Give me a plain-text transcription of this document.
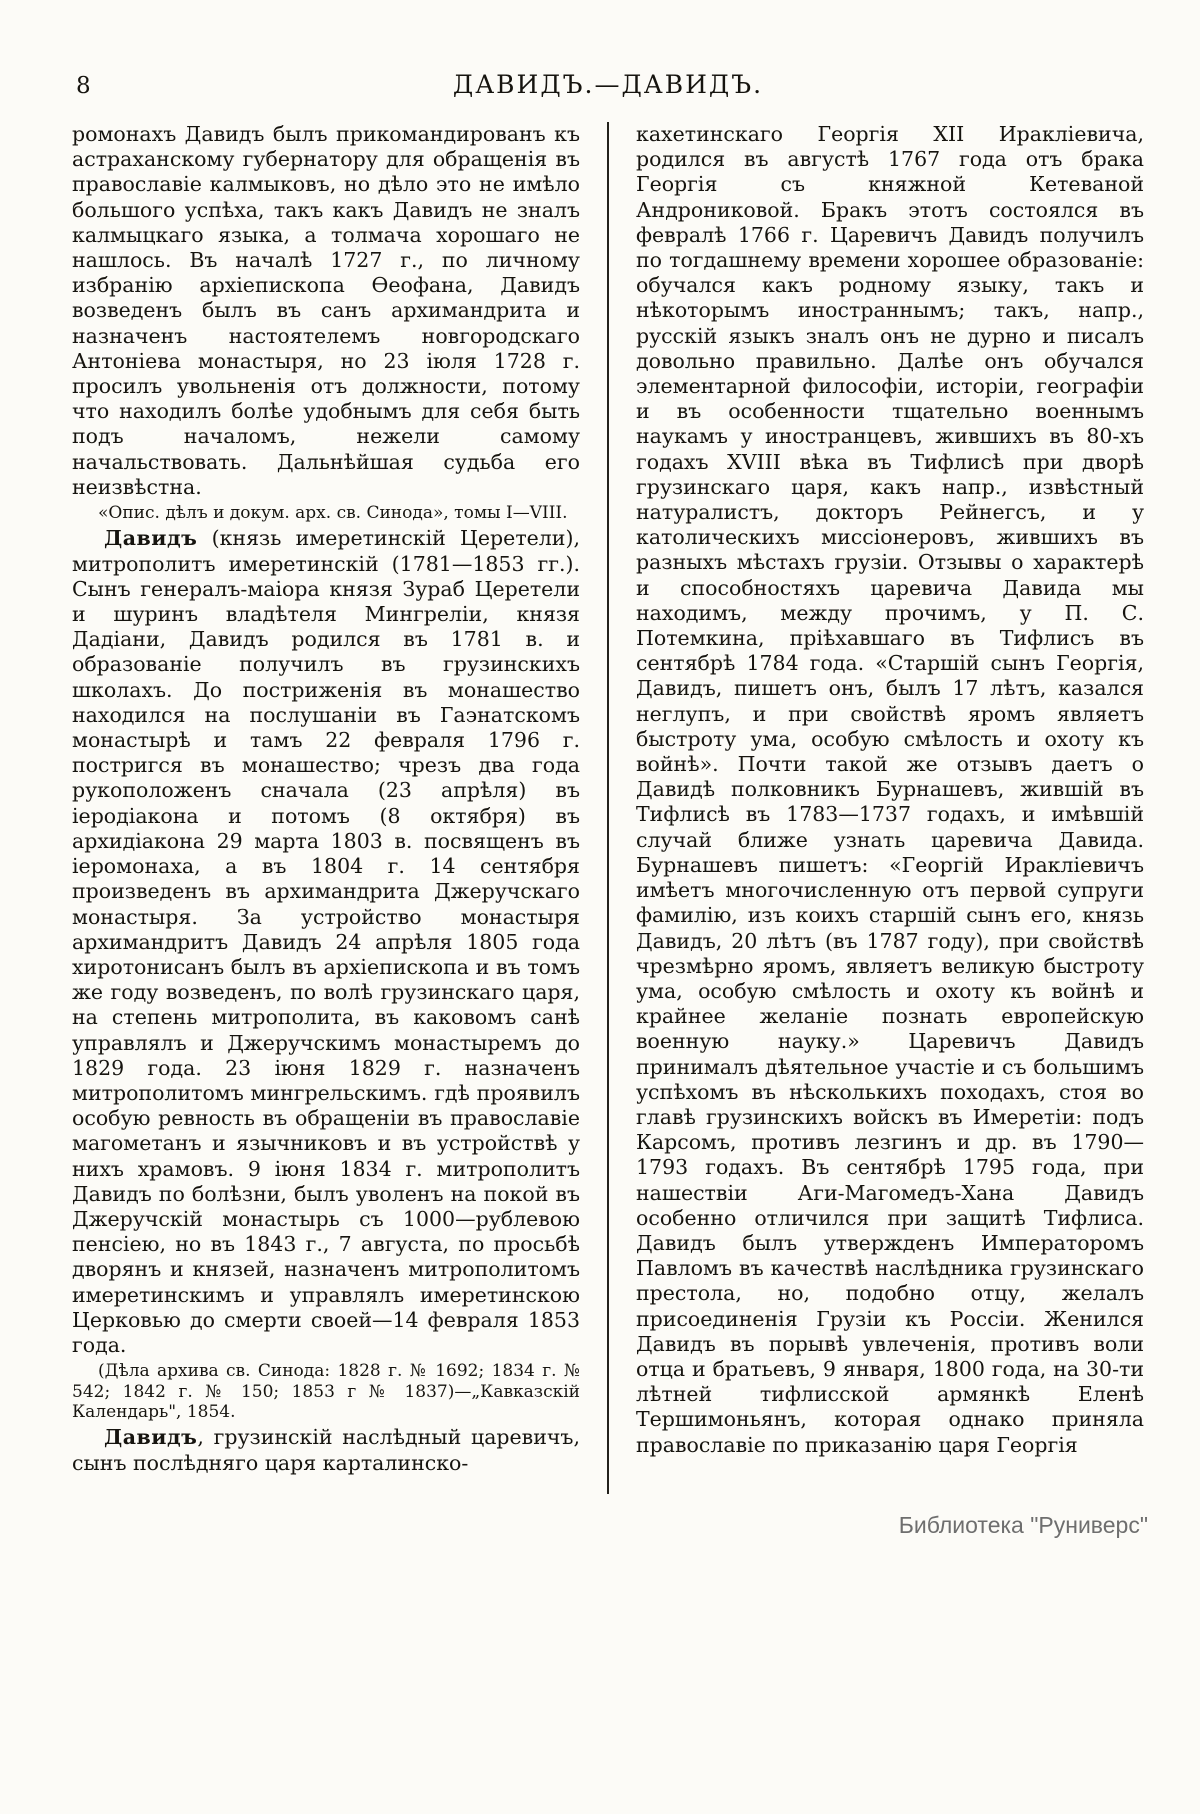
8	ДАВИДЪ.—ДАВИДЪ.

ромонахъ Давидъ былъ прикомандированъ къ астраханскому губернатору для обращенія въ православіе калмыковъ, но дѣло это не имѣло большого успѣха, такъ какъ Давидъ не зналъ калмыцкаго языка, а толмача хорошаго не нашлось. Въ началѣ 1727 г., по личному избранію архіепископа Ѳеофана, Давидъ возведенъ былъ въ санъ архимандрита и назначенъ настоятелемъ новгородскаго Антоніева монастыря, но 23 іюля 1728 г. просилъ увольненія отъ должности, потому что находилъ болѣе удобнымъ для себя быть подъ началомъ, нежели самому начальствовать. Дальнѣйшая судьба его неизвѣстна.

«Опис. дѣлъ и докум. арх. св. Синода», томы I—VIII.

Давидъ (князь имеретинскій Церетели), митрополитъ имеретинскій (1781—1853 гг.). Сынъ генералъ-маіора князя Зураб Церетели и шуринъ владѣтеля Мингреліи, князя Дадіани, Давидъ родился въ 1781 в. и образованіе получилъ въ грузинскихъ школахъ. До постриженія въ монашество находился на послушаніи въ Гаэнатскомъ монастырѣ и тамъ 22 февраля 1796 г. постригся въ монашество; чрезъ два года рукоположенъ сначала (23 апрѣля) въ іеродіакона и потомъ (8 октября) въ архидіакона 29 марта 1803 в. посвященъ въ іеромонаха, а въ 1804 г. 14 сентября произведенъ въ архимандрита Джеручскаго монастыря. За устройство монастыря архимандритъ Давидъ 24 апрѣля 1805 года хиротонисанъ былъ въ архіепископа и въ томъ же году возведенъ, по волѣ грузинскаго царя, на степень митрополита, въ каковомъ санѣ управлялъ и Джеручскимъ монастыремъ до 1829 года. 23 іюня 1829 г. назначенъ митрополитомъ мингрельскимъ. гдѣ проявилъ особую ревность въ обращеніи въ православіе магометанъ и язычниковъ и въ устройствѣ у нихъ храмовъ. 9 іюня 1834 г. митрополитъ Давидъ по болѣзни, былъ уволенъ на покой въ Джеручскій монастырь съ 1000—рублевою пенсіею, но въ 1843 г., 7 августа, по просьбѣ дворянъ и князей, назначенъ митрополитомъ имеретинскимъ и управлялъ имеретинскою Церковью до смерти своей—14 февраля 1853 года.

(Дѣла архива св. Синода: 1828 г. № 1692; 1834 г. № 542; 1842 г. № 150; 1853 г № 1837)—„Кавказскій Календарь", 1854.

Давидъ, грузинскій наслѣдный царевичъ, сынъ послѣдняго царя карталинско-

кахетинскаго Георгія XII Иракліевича, родился въ августѣ 1767 года отъ брака Георгія съ княжной Кетеваной Андрониковой. Бракъ этотъ состоялся въ февралѣ 1766 г. Царевичъ Давидъ получилъ по тогдашнему времени хорошее образованіе: обучался какъ родному языку, такъ и нѣкоторымъ иностраннымъ; такъ, напр., русскій языкъ зналъ онъ не дурно и писалъ довольно правильно. Далѣе онъ обучался элементарной философіи, исторіи, географіи и въ особенности тщательно военнымъ наукамъ у иностранцевъ, жившихъ въ 80-хъ годахъ XVIII вѣка въ Тифлисѣ при дворѣ грузинскаго царя, какъ напр., извѣстный натуралистъ, докторъ Рейнегсъ, и у католическихъ миссіонеровъ, жившихъ въ разныхъ мѣстахъ грузіи. Отзывы о характерѣ и способностяхъ царевича Давида мы находимъ, между прочимъ, у П. С. Потемкина, пріѣхавшаго въ Тифлисъ въ сентябрѣ 1784 года. «Старшій сынъ Георгія, Давидъ, пишетъ онъ, былъ 17 лѣтъ, казался неглупъ, и при свойствѣ яромъ являетъ быстроту ума, особую смѣлость и охоту къ войнѣ». Почти такой же отзывъ даетъ о Давидѣ полковникъ Бурнашевъ, жившій въ Тифлисѣ въ 1783—1737 годахъ, и имѣвшій случай ближе узнать царевича Давида. Бурнашевъ пишетъ: «Георгій Иракліевичъ имѣетъ многочисленную отъ первой супруги фамилію, изъ коихъ старшій сынъ его, князь Давидъ, 20 лѣтъ (въ 1787 году), при свойствѣ чрезмѣрно яромъ, являетъ великую быстроту ума, особую смѣлость и охоту къ войнѣ и крайнее желаніе познать европейскую военную науку.» Царевичъ Давидъ принималъ дѣятельное участіе и съ большимъ успѣхомъ въ нѣсколькихъ походахъ, стоя во главѣ грузинскихъ войскъ въ Имеретіи: подъ Карсомъ, противъ лезгинъ и др. въ 1790—1793 годахъ. Въ сентябрѣ 1795 года, при нашествіи Аги-Магомедъ-Хана Давидъ особенно отличился при защитѣ Тифлиса. Давидъ былъ утвержденъ Императоромъ Павломъ въ качествѣ наслѣдника грузинскаго престола, но, подобно отцу, желалъ присоединенія Грузіи къ Россіи. Женился Давидъ въ порывѣ увлеченія, противъ воли отца и братьевъ, 9 января, 1800 года, на 30-ти лѣтней тифлисской армянкѣ Еленѣ Тершимоньянъ, которая однако приняла православіе по приказанію царя Георгія

Библиотека "Руниверс"
